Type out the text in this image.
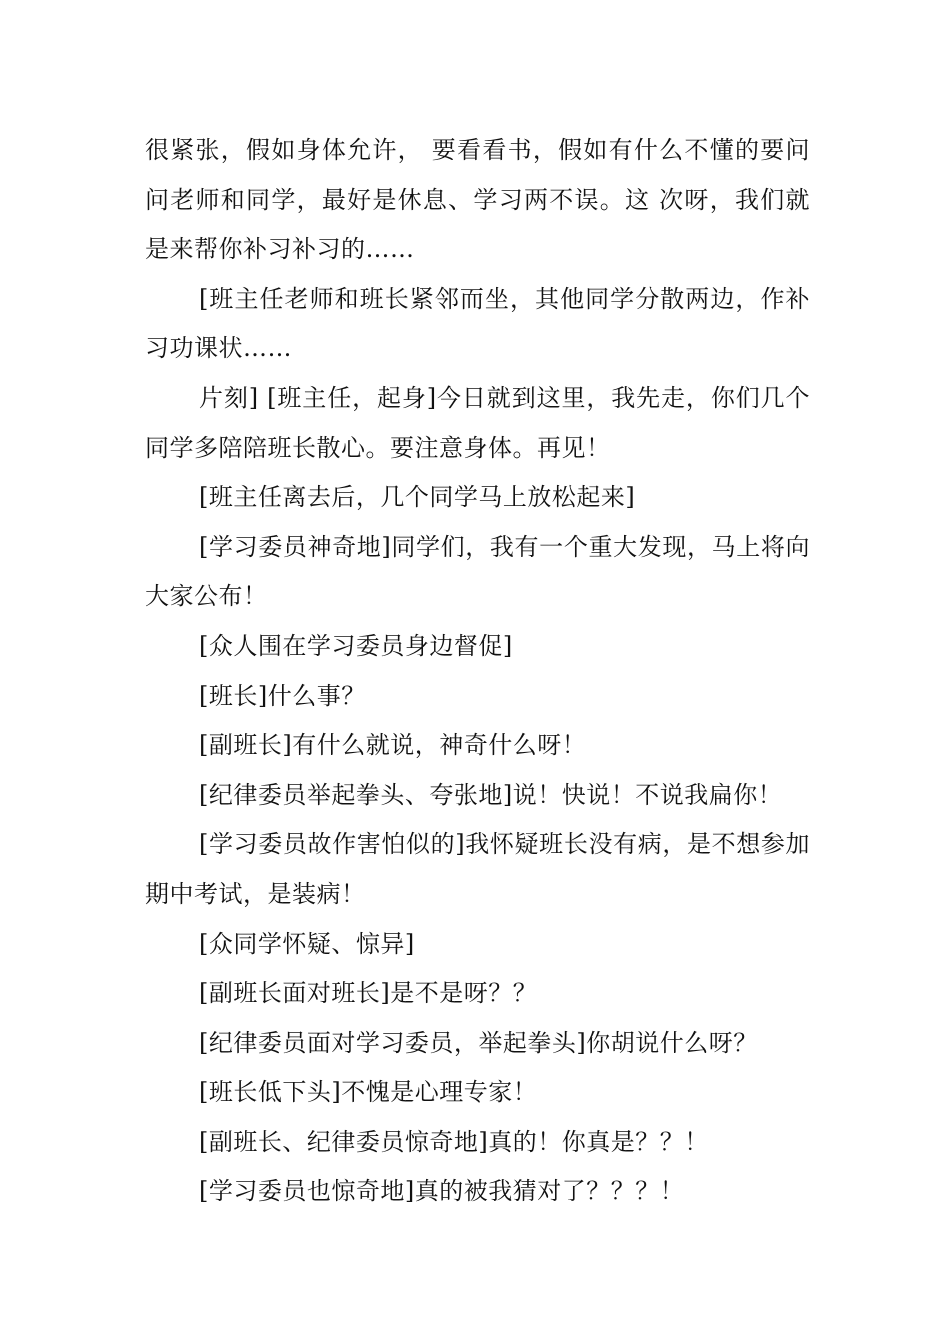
很紧张，假如身体允许， 要看看书，假如有什么不懂的要问问老师和同学，最好是休息、学习两不误。这 次呀，我们就是来帮你补习补习的……

[班主任老师和班长紧邻而坐，其他同学分散两边，作补习功课状……

片刻] [班主任，起身]今日就到这里，我先走，你们几个同学多陪陪班长散心。要注意身体。再见！

[班主任离去后，几个同学马上放松起来]

[学习委员神奇地]同学们，我有一个重大发现，马上将向大家公布！

[众人围在学习委员身边督促]

[班长]什么事？

[副班长]有什么就说，神奇什么呀！

[纪律委员举起拳头、夸张地]说！快说！不说我扁你！

[学习委员故作害怕似的]我怀疑班长没有病，是不想参加期中考试，是装病！

[众同学怀疑、惊异]

[副班长面对班长]是不是呀？？

[纪律委员面对学习委员，举起拳头]你胡说什么呀？

[班长低下头]不愧是心理专家！

[副班长、纪律委员惊奇地]真的！你真是？？！

[学习委员也惊奇地]真的被我猜对了？？？！
